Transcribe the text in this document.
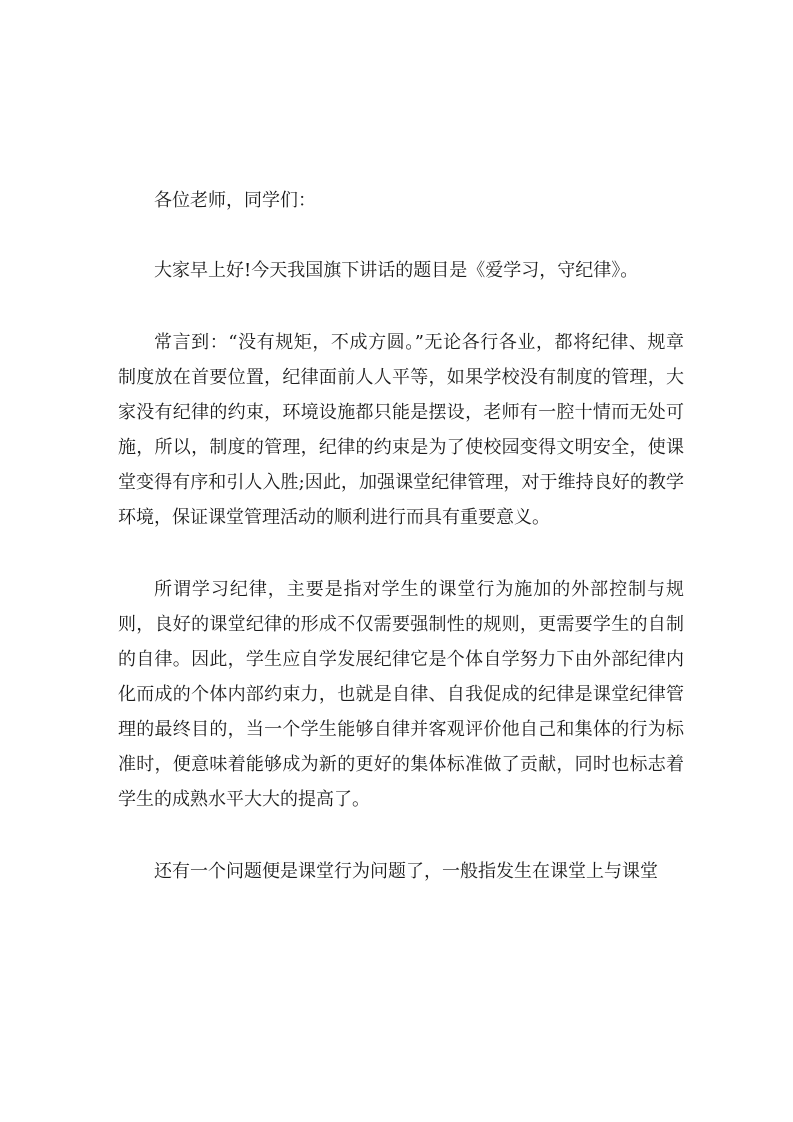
各位老师，同学们：

大家早上好!今天我国旗下讲话的题目是《爱学习，守纪律》。

常言到：“没有规矩，不成方圆。”无论各行各业，都将纪律、规章制度放在首要位置，纪律面前人人平等，如果学校没有制度的管理，大家没有纪律的约束，环境设施都只能是摆设，老师有一腔十情而无处可施，所以，制度的管理，纪律的约束是为了使校园变得文明安全，使课堂变得有序和引人入胜;因此，加强课堂纪律管理，对于维持良好的教学环境，保证课堂管理活动的顺利进行而具有重要意义。

所谓学习纪律，主要是指对学生的课堂行为施加的外部控制与规则，良好的课堂纪律的形成不仅需要强制性的规则，更需要学生的自制的自律。因此，学生应自学发展纪律它是个体自学努力下由外部纪律内化而成的个体内部约束力，也就是自律、自我促成的纪律是课堂纪律管理的最终目的，当一个学生能够自律并客观评价他自己和集体的行为标准时，便意味着能够成为新的更好的集体标准做了贡献，同时也标志着学生的成熟水平大大的提高了。

还有一个问题便是课堂行为问题了，一般指发生在课堂上与课堂
